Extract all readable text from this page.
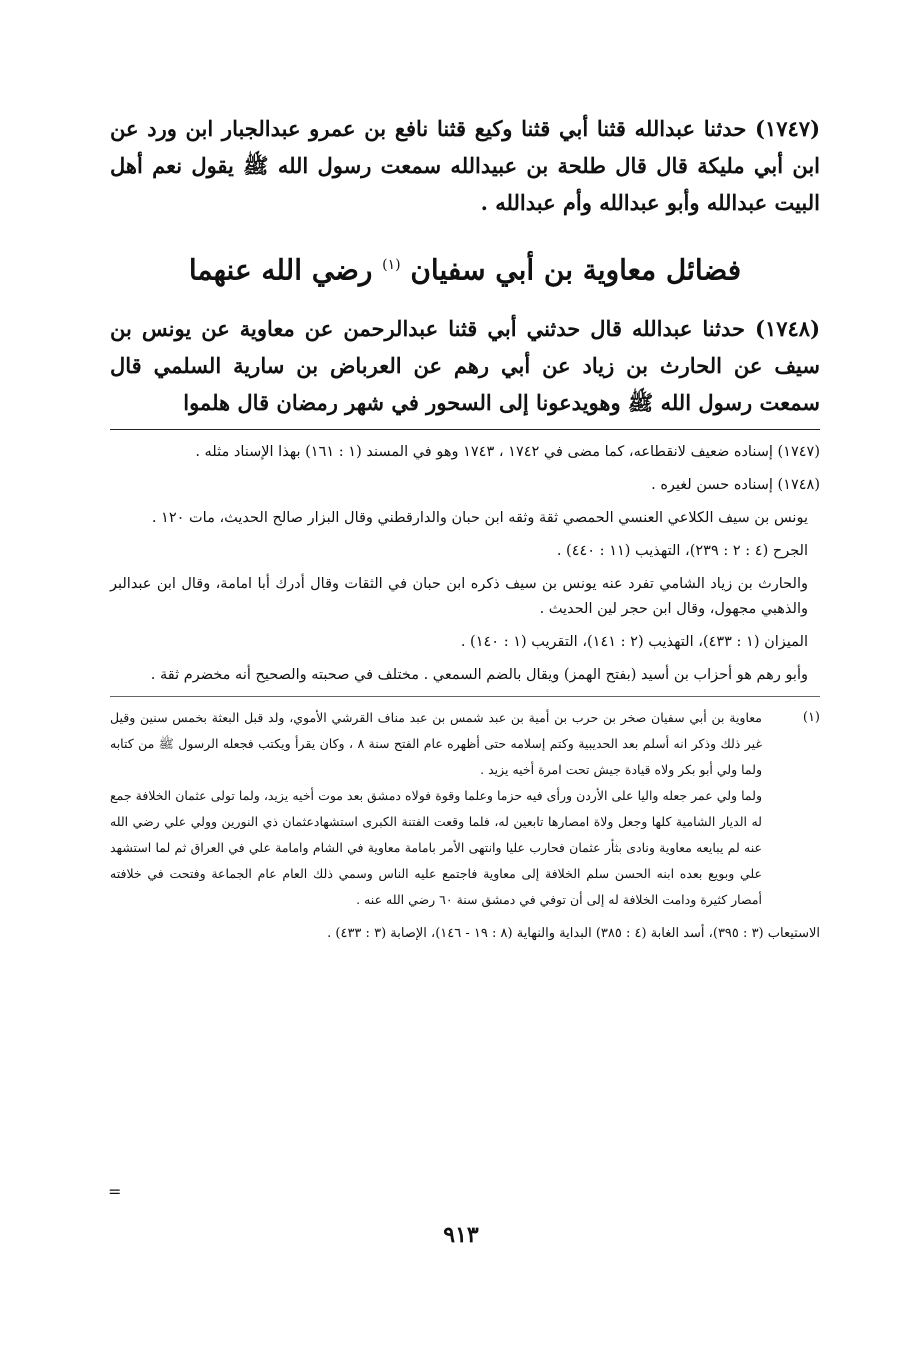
(١٧٤٧) حدثنا عبدالله قثنا أبي قثنا وكيع قثنا نافع بن عمرو عبدالجبار ابن ورد عن ابن أبي مليكة قال قال طلحة بن عبيدالله سمعت رسول الله ﷺ يقول نعم أهل البيت عبدالله وأبو عبدالله وأم عبدالله .

فضائل معاوية بن أبي سفيان $^{(١)}$ رضي الله عنهما

(١٧٤٨) حدثنا عبدالله قال حدثني أبي قثنا عبدالرحمن عن معاوية عن يونس بن سيف عن الحارث بن زياد عن أبي رهم عن العرباض بن سارية السلمي قال سمعت رسول الله ﷺ وهويدعونا إلى السحور في شهر رمضان قال هلموا

(١٧٤٧) إسناده ضعيف لانقطاعه، كما مضى في ١٧٤٢ ، ١٧٤٣ وهو في المسند (١ : ١٦١) بهذا الإسناد مثله .

(١٧٤٨) إسناده حسن لغيره .

يونس بن سيف الكلاعي العنسي الحمصي ثقة وثقه ابن حبان والدارقطني وقال البزار صالح الحديث، مات ١٢٠ .

الجرح (٤ : ٢ : ٢٣٩)، التهذيب (١١ : ٤٤٠) .

والحارث بن زياد الشامي تفرد عنه يونس بن سيف ذكره ابن حبان في الثقات وقال أدرك أبا امامة، وقال ابن عبدالبر والذهبي مجهول، وقال ابن حجر لين الحديث .

الميزان (١ : ٤٣٣)، التهذيب (٢ : ١٤١)، التقريب (١ : ١٤٠) .

وأبو رهم هو أحزاب بن أسيد (بفتح الهمز) ويقال بالضم السمعي . مختلف في صحبته والصحيح أنه مخضرم ثقة .

(١)

معاوية بن أبي سفيان صخر بن حرب بن أمية بن عبد شمس بن عبد مناف القرشي الأموي، ولد قبل البعثة بخمس سنين وقيل غير ذلك وذكر انه أسلم بعد الحديبية وكتم إسلامه حتى أظهره عام الفتح سنة ٨ ، وكان يقرأ ويكتب فجعله الرسول ﷺ من كتابه ولما ولي أبو بكر ولاه قيادة جيش تحت امرة أخيه يزيد .

ولما ولي عمر جعله واليا على الأردن ورأى فيه حزما وعلما وقوة فولاه دمشق بعد موت أخيه يزيد، ولما تولى عثمان الخلافة جمع له الديار الشامية كلها وجعل ولاة امصارها تابعين له، فلما وقعت الفتنة الكبرى استشهادعثمان ذي النورين وولي علي رضي الله عنه لم يبايعه معاوية ونادى بثأر عثمان فحارب عليا وانتهى الأمر بامامة معاوية في الشام وامامة علي في العراق ثم لما استشهد علي وبويع بعده ابنه الحسن سلم الخلافة إلى معاوية فاجتمع عليه الناس وسمي ذلك العام عام الجماعة وفتحت في خلافته أمصار كثيرة ودامت الخلافة له إلى أن توفي في دمشق سنة ٦٠ رضي الله عنه .

الاستيعاب (٣ : ٣٩٥)، أسد الغابة (٤ : ٣٨٥) البداية والنهاية (٨ : ١٩ - ١٤٦)، الإصابة (٣ : ٤٣٣) .

=
٩١٣
